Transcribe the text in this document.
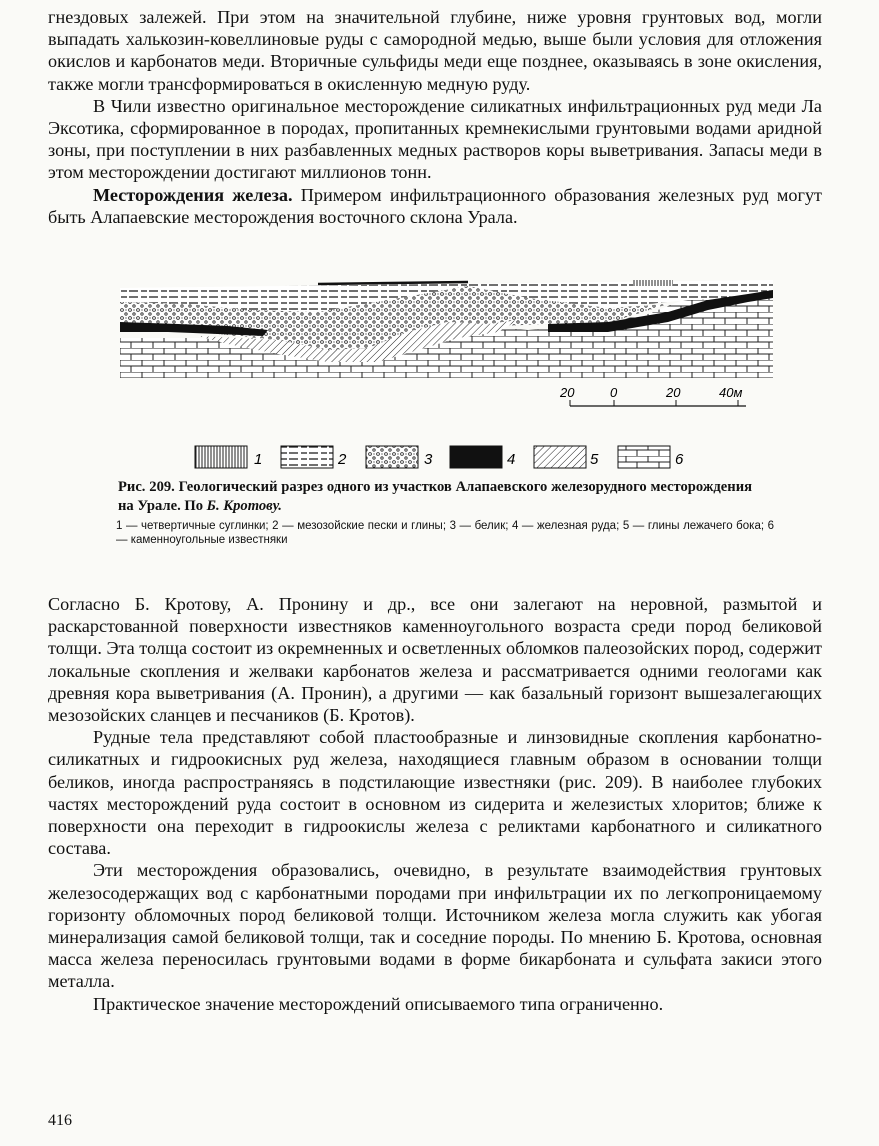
гнездовых залежей. При этом на значительной глубине, ниже уровня грунтовых вод, могли выпадать халькозин-ковеллиновые руды с самородной медью, выше были условия для отложения окислов и карбонатов меди. Вторичные сульфиды меди еще позднее, оказываясь в зоне окисления, также могли трансформироваться в окисленную медную руду.

В Чили известно оригинальное месторождение силикатных инфильтрационных руд меди Ла Эксотика, сформированное в породах, пропитанных кремнекислыми грунтовыми водами аридной зоны, при поступлении в них разбавленных медных растворов коры выветривания. Запасы меди в этом месторождении достигают миллионов тонн.

Месторождения железа. Примером инфильтрационного образования железных руд могут быть Алапаевские месторождения восточного склона Урала.

20	0	20	40м
1	2	3	4	5	6

Рис. 209. Геологический разрез одного из участков Алапаевского железорудного месторождения на Урале. По Б. Кротову.

1 — четвертичные суглинки; 2 — мезозойские пески и глины; 3 — белик; 4 — железная руда; 5 — глины лежачего бока; 6 — каменноугольные известняки

Согласно Б. Кротову, А. Пронину и др., все они залегают на неровной, размытой и раскарстованной поверхности известняков каменноугольного возраста среди пород беликовой толщи. Эта толща состоит из окремненных и осветленных обломков палеозойских пород, содержит локальные скопления и желваки карбонатов железа и рассматривается одними геологами как древняя кора выветривания (А. Пронин), а другими — как базальный горизонт вышезалегающих мезозойских сланцев и песчаников (Б. Кротов).

Рудные тела представляют собой пластообразные и линзовидные скопления карбонатно-силикатных и гидроокисных руд железа, находящиеся главным образом в основании толщи беликов, иногда распространяясь в подстилающие известняки (рис. 209). В наиболее глубоких частях месторождений руда состоит в основном из сидерита и железистых хлоритов; ближе к поверхности она переходит в гидроокислы железа с реликтами карбонатного и силикатного состава.

Эти месторождения образовались, очевидно, в результате взаимодействия грунтовых железосодержащих вод с карбонатными породами при инфильтрации их по легкопроницаемому горизонту обломочных пород беликовой толщи. Источником железа могла служить как убогая минерализация самой беликовой толщи, так и соседние породы. По мнению Б. Кротова, основная масса железа переносилась грунтовыми водами в форме бикарбоната и сульфата закиси этого металла.

Практическое значение месторождений описываемого типа ограниченно.

416
